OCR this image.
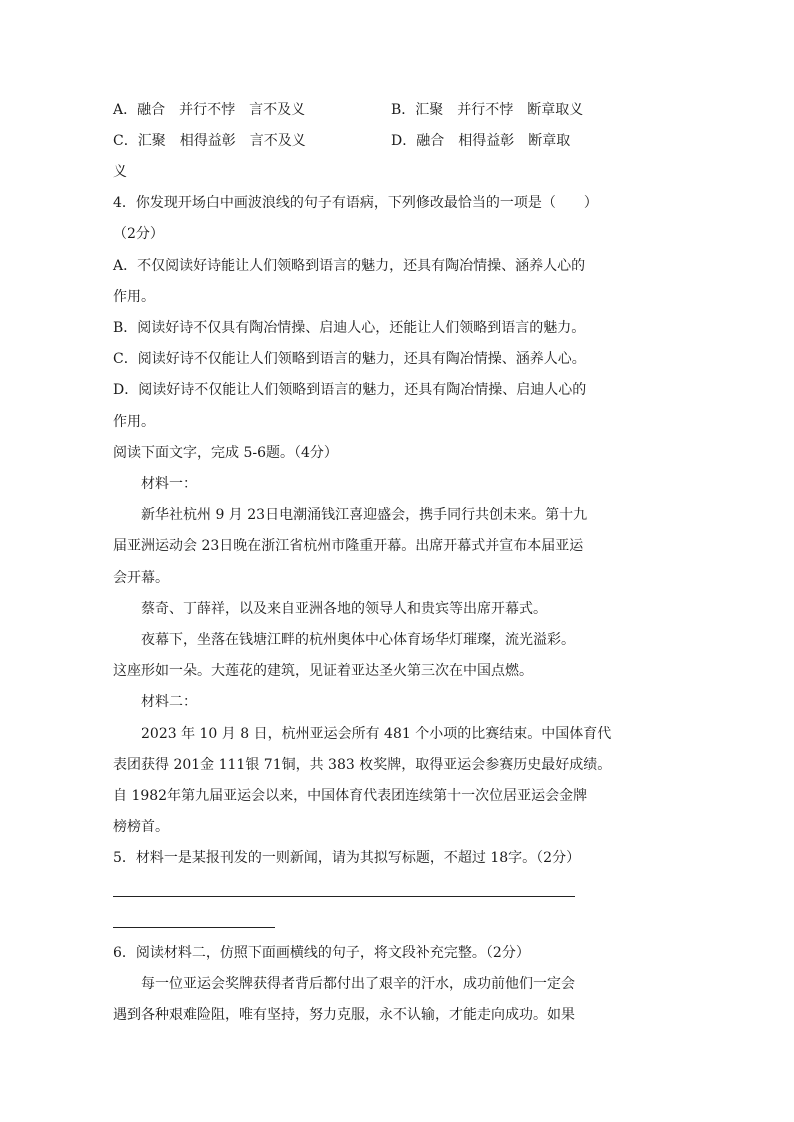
A．融合　并行不悖　言不及义	B．汇聚　并行不悖　断章取义
C．汇聚　相得益彰　言不及义	D．融合　相得益彰　断章取
义
4．你发现开场白中画波浪线的句子有语病，下列修改最恰当的一项是（　　）
（2分）
A．不仅阅读好诗能让人们领略到语言的魅力，还具有陶冶情操、涵养人心的
作用。
B．阅读好诗不仅具有陶冶情操、启迪人心，还能让人们领略到语言的魅力。
C．阅读好诗不仅能让人们领略到语言的魅力，还具有陶冶情操、涵养人心。
D．阅读好诗不仅能让人们领略到语言的魅力，还具有陶冶情操、启迪人心的
作用。
阅读下面文字，完成 5-6题。（4分）
材料一：
新华社杭州 9 月 23日电潮涌钱江喜迎盛会，携手同行共创未来。第十九
届亚洲运动会 23日晚在浙江省杭州市隆重开幕。出席开幕式并宣布本届亚运
会开幕。
蔡奇、丁薛祥，以及来自亚洲各地的领导人和贵宾等出席开幕式。
夜幕下，坐落在钱塘江畔的杭州奥体中心体育场华灯璀璨，流光溢彩。
这座形如一朵。大莲花的建筑，见证着亚达圣火第三次在中国点燃。
材料二：
2023 年 10 月 8 日，杭州亚运会所有 481 个小项的比赛结束。中国体育代
表团获得 201金 111银 71铜，共 383 枚奖牌，取得亚运会参赛历史最好成绩。
自 1982年第九届亚运会以来，中国体育代表团连续第十一次位居亚运会金牌
榜榜首。
5．材料一是某报刊发的一则新闻，请为其拟写标题，不超过 18字。（2分）
6．阅读材料二，仿照下面画横线的句子，将文段补充完整。（2分）
每一位亚运会奖牌获得者背后都付出了艰辛的汗水，成功前他们一定会
遇到各种艰难险阻，唯有坚持，努力克服，永不认输，才能走向成功。如果
